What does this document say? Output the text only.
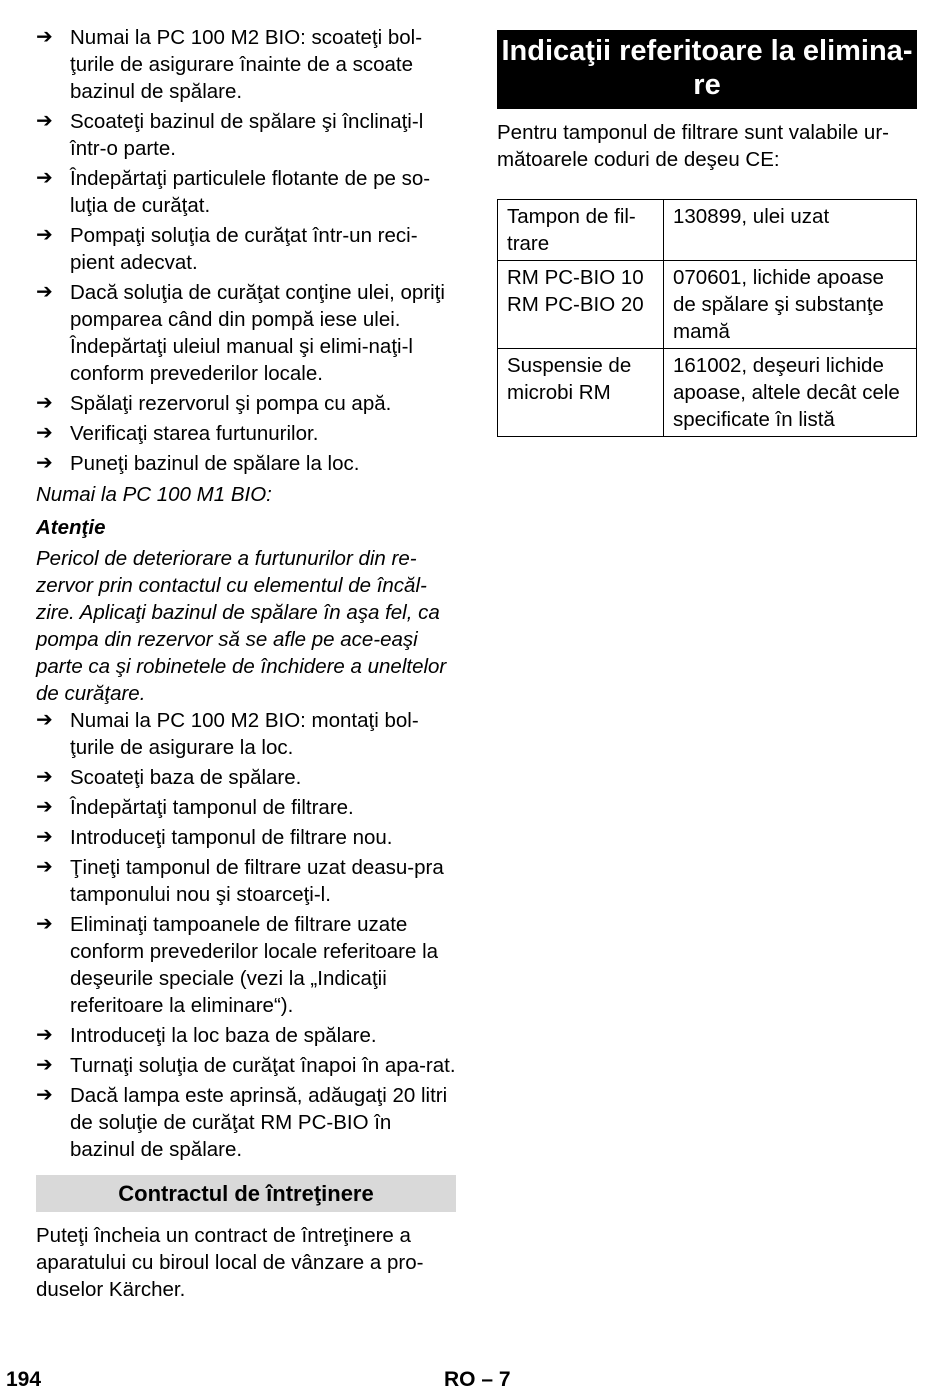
➔ Numai la PC 100 M2 BIO: scoateţi bol-ţurile de asigurare înainte de a scoate bazinul de spălare.
➔ Scoateţi bazinul de spălare şi înclinaţi-l într-o parte.
➔ Îndepărtaţi particulele flotante de pe so-luţia de curăţat.
➔ Pompaţi soluţia de curăţat într-un reci-pient adecvat.
➔ Dacă soluţia de curăţat conţine ulei, opriţi pomparea când din pompă iese ulei. Îndepărtaţi uleiul manual şi elimi-naţi-l conform prevederilor locale.
➔ Spălaţi rezervorul şi pompa cu apă.
➔ Verificaţi starea furtunurilor.
➔ Puneţi bazinul de spălare la loc.
Numai la PC 100 M1 BIO:
Atenţie
Pericol de deteriorare a furtunurilor din re-zervor prin contactul cu elementul de încăl-zire. Aplicaţi bazinul de spălare în aşa fel, ca pompa din rezervor să se afle pe ace-eaşi parte ca şi robinetele de închidere a uneltelor de curăţare.
➔ Numai la PC 100 M2 BIO: montaţi bol-ţurile de asigurare la loc.
➔ Scoateţi baza de spălare.
➔ Îndepărtaţi tamponul de filtrare.
➔ Introduceţi tamponul de filtrare nou.
➔ Ţineţi tamponul de filtrare uzat deasu-pra tamponului nou şi stoarceţi-l.
➔ Eliminaţi tampoanele de filtrare uzate conform prevederilor locale referitoare la deşeurile speciale (vezi la „Indicaţii referitoare la eliminare“).
➔ Introduceţi la loc baza de spălare.
➔ Turnaţi soluţia de curăţat înapoi în apa-rat.
➔ Dacă lampa este aprinsă, adăugaţi 20 litri de soluţie de curăţat RM PC-BIO în bazinul de spălare.
Contractul de întreţinere
Puteţi încheia un contract de întreţinere a aparatului cu biroul local de vânzare a pro-duselor Kärcher.
Indicaţii referitoare la elimina-re
Pentru tamponul de filtrare sunt valabile ur-mătoarele coduri de deşeu CE:
Tampon de fil-trare	130899, ulei uzat
RM PC-BIO 10 RM PC-BIO 20	070601, lichide apoase de spălare şi substanţe mamă
Suspensie de microbi RM	161002, deşeuri lichide apoase, altele decât cele specificate în listă
194	RO – 7
